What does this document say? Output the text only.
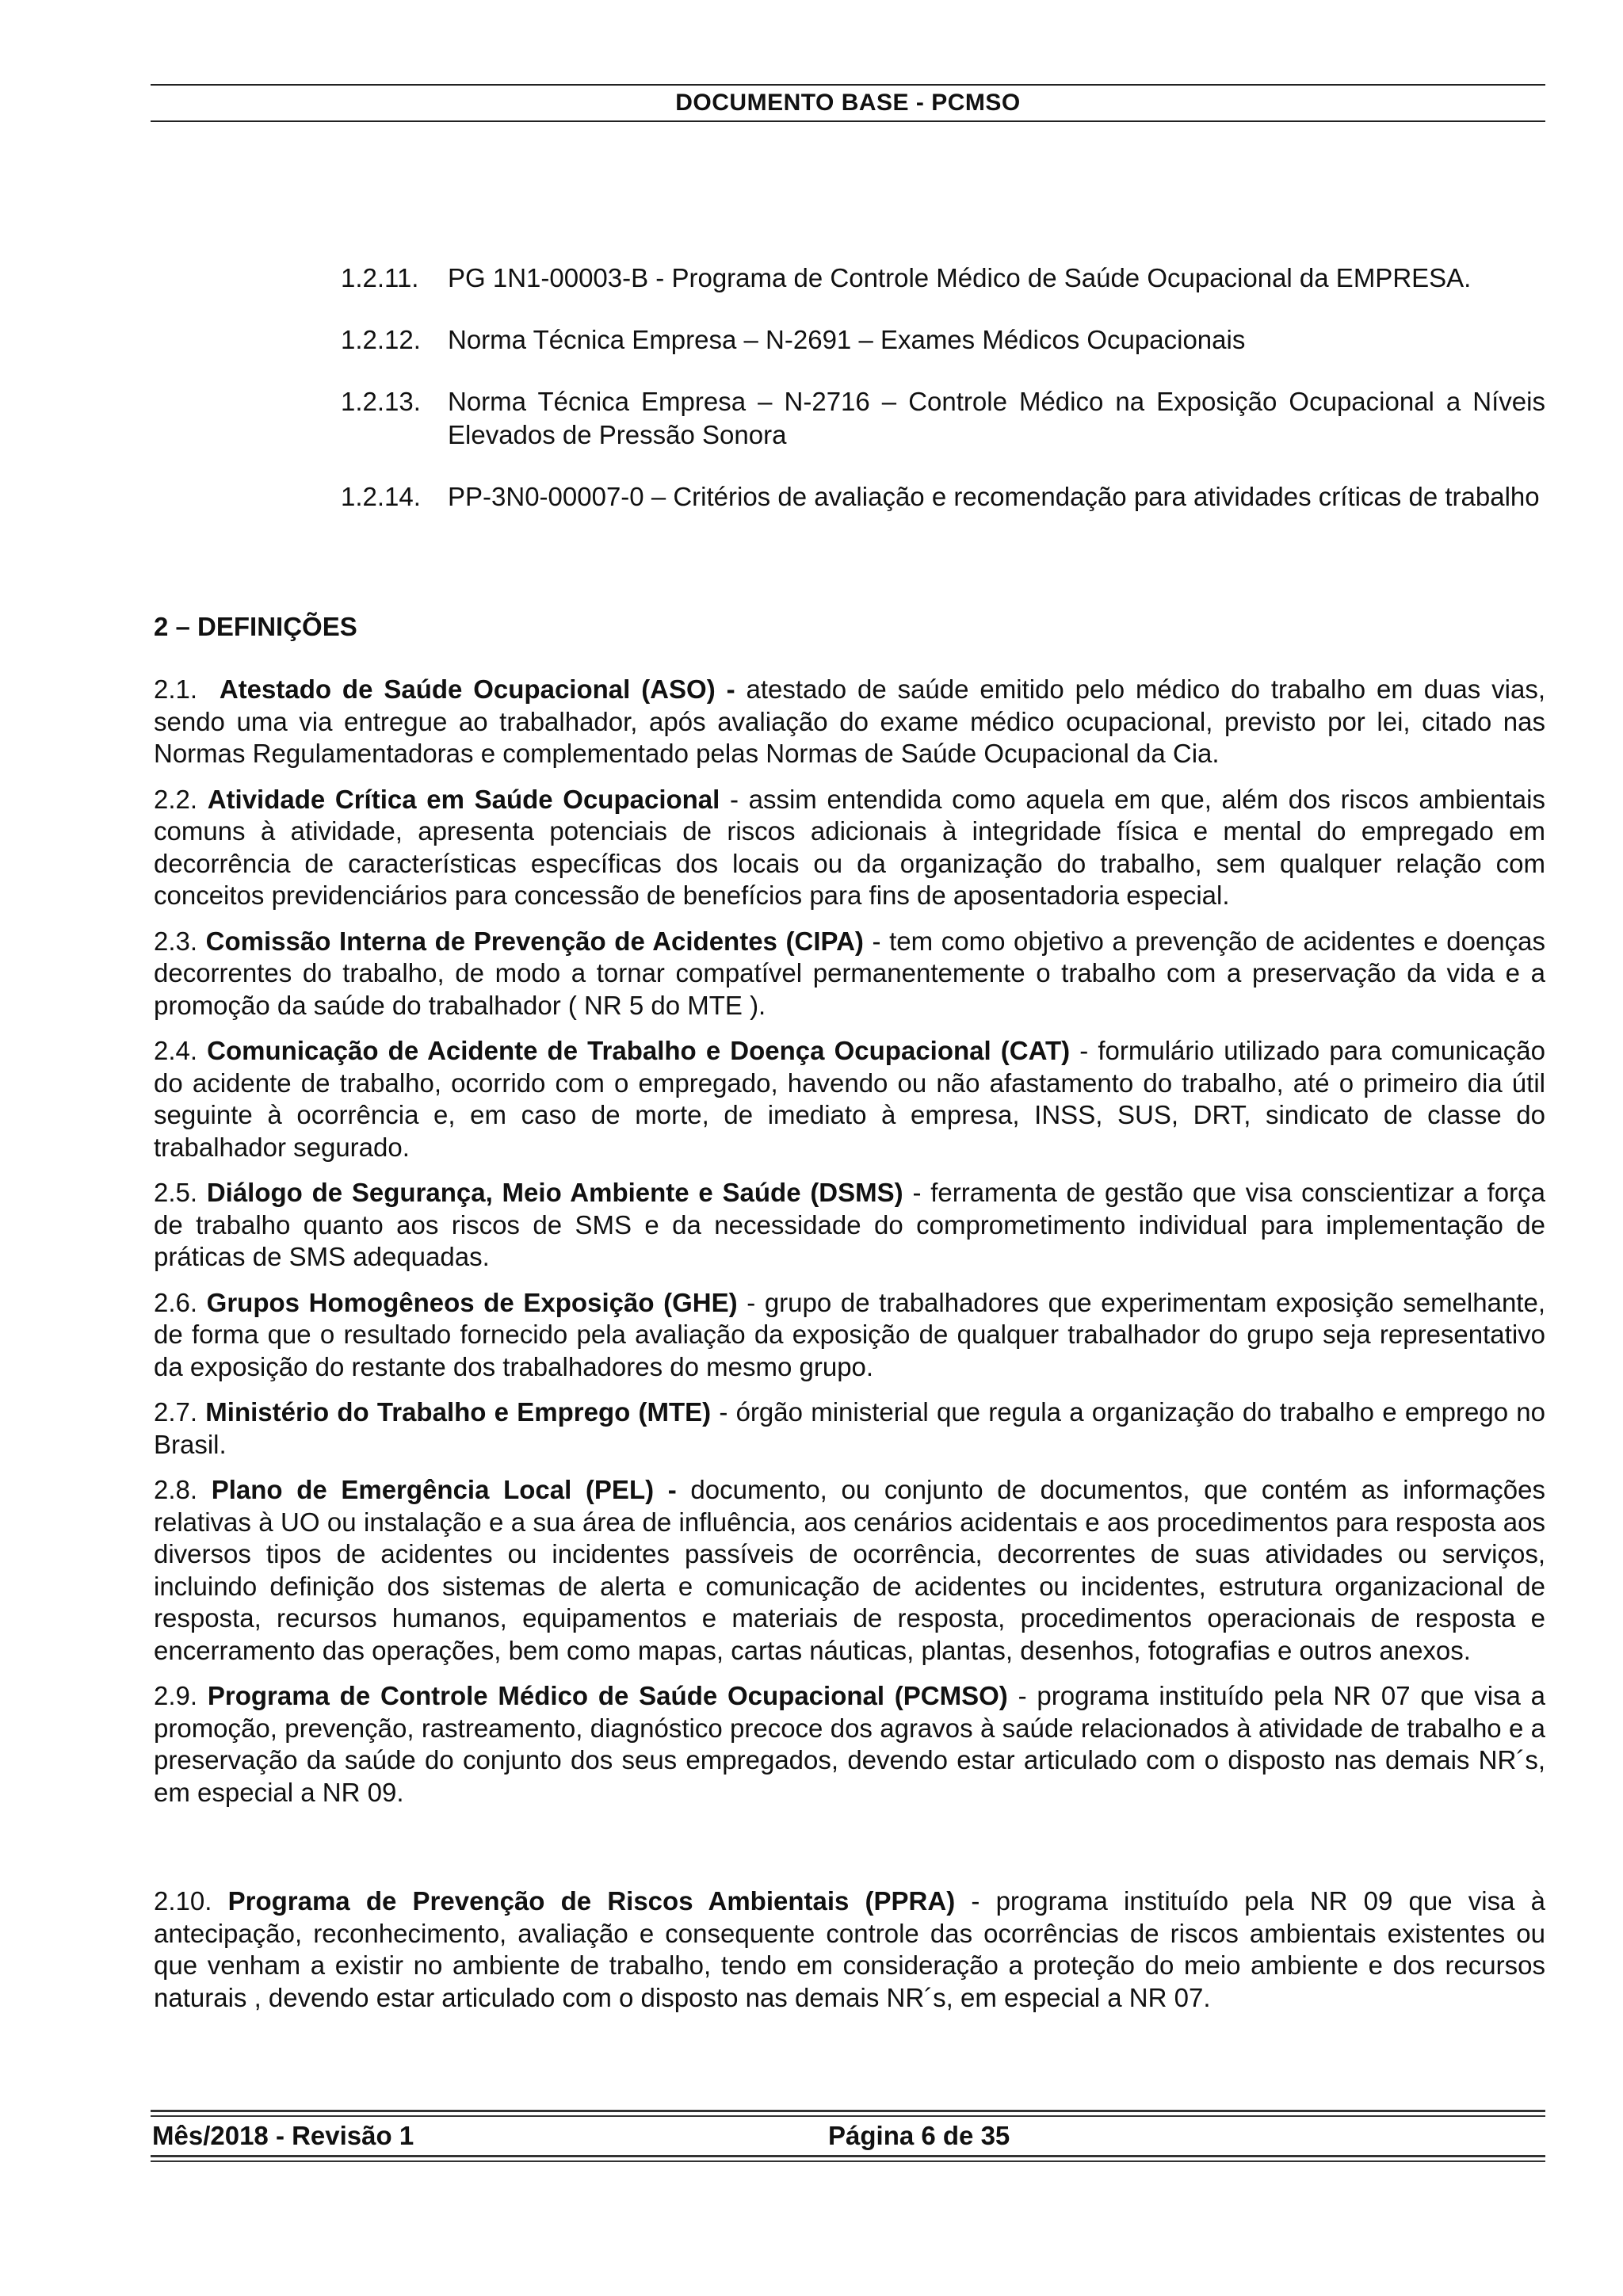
DOCUMENTO BASE - PCMSO
1.2.11.	PG 1N1-00003-B - Programa de Controle Médico de Saúde Ocupacional da EMPRESA.
1.2.12.	Norma Técnica Empresa – N-2691 – Exames Médicos Ocupacionais
1.2.13.	Norma Técnica Empresa – N-2716 – Controle Médico na Exposição Ocupacional a Níveis Elevados de Pressão Sonora
1.2.14.	PP-3N0-00007-0 – Critérios de avaliação e recomendação para atividades críticas de trabalho
2 – DEFINIÇÕES

2.1. Atestado de Saúde Ocupacional (ASO) - atestado de saúde emitido pelo médico do trabalho em duas vias, sendo uma via entregue ao trabalhador, após avaliação do exame médico ocupacional, previsto por lei, citado nas Normas Regulamentadoras e complementado pelas Normas de Saúde Ocupacional da Cia.

2.2. Atividade Crítica em Saúde Ocupacional - assim entendida como aquela em que, além dos riscos ambientais comuns à atividade, apresenta potenciais de riscos adicionais à integridade física e mental do empregado em decorrência de características específicas dos locais ou da organização do trabalho, sem qualquer relação com conceitos previdenciários para concessão de benefícios para fins de aposentadoria especial.

2.3. Comissão Interna de Prevenção de Acidentes (CIPA) - tem como objetivo a prevenção de acidentes e doenças decorrentes do trabalho, de modo a tornar compatível permanentemente o trabalho com a preservação da vida e a promoção da saúde do trabalhador ( NR 5 do MTE ).

2.4. Comunicação de Acidente de Trabalho e Doença Ocupacional (CAT) - formulário utilizado para comunicação do acidente de trabalho, ocorrido com o empregado, havendo ou não afastamento do trabalho, até o primeiro dia útil seguinte à ocorrência e, em caso de morte, de imediato à empresa, INSS, SUS, DRT, sindicato de classe do trabalhador segurado.

2.5. Diálogo de Segurança, Meio Ambiente e Saúde (DSMS) - ferramenta de gestão que visa conscientizar a força de trabalho quanto aos riscos de SMS e da necessidade do comprometimento individual para implementação de práticas de SMS adequadas.

2.6. Grupos Homogêneos de Exposição (GHE) - grupo de trabalhadores que experimentam exposição semelhante, de forma que o resultado fornecido pela avaliação da exposição de qualquer trabalhador do grupo seja representativo da exposição do restante dos trabalhadores do mesmo grupo.

2.7. Ministério do Trabalho e Emprego (MTE) - órgão ministerial que regula a organização do trabalho e emprego no Brasil.

2.8. Plano de Emergência Local (PEL) - documento, ou conjunto de documentos, que contém as informações relativas à UO ou instalação e a sua área de influência, aos cenários acidentais e aos procedimentos para resposta aos diversos tipos de acidentes ou incidentes passíveis de ocorrência, decorrentes de suas atividades ou serviços, incluindo definição dos sistemas de alerta e comunicação de acidentes ou incidentes, estrutura organizacional de resposta, recursos humanos, equipamentos e materiais de resposta, procedimentos operacionais de resposta e encerramento das operações, bem como mapas, cartas náuticas, plantas, desenhos, fotografias e outros anexos.

2.9. Programa de Controle Médico de Saúde Ocupacional (PCMSO) - programa instituído pela NR 07 que visa a promoção, prevenção, rastreamento, diagnóstico precoce dos agravos à saúde relacionados à atividade de trabalho e a preservação da saúde do conjunto dos seus empregados, devendo estar articulado com o disposto nas demais NR´s, em especial a NR 09.

2.10. Programa de Prevenção de Riscos Ambientais (PPRA) - programa instituído pela NR 09 que visa à antecipação, reconhecimento, avaliação e consequente controle das ocorrências de riscos ambientais existentes ou que venham a existir no ambiente de trabalho, tendo em consideração a proteção do meio ambiente e dos recursos naturais , devendo estar articulado com o disposto nas demais NR´s, em especial a NR 07.

Mês/2018 - Revisão 1	Página 6 de 35
